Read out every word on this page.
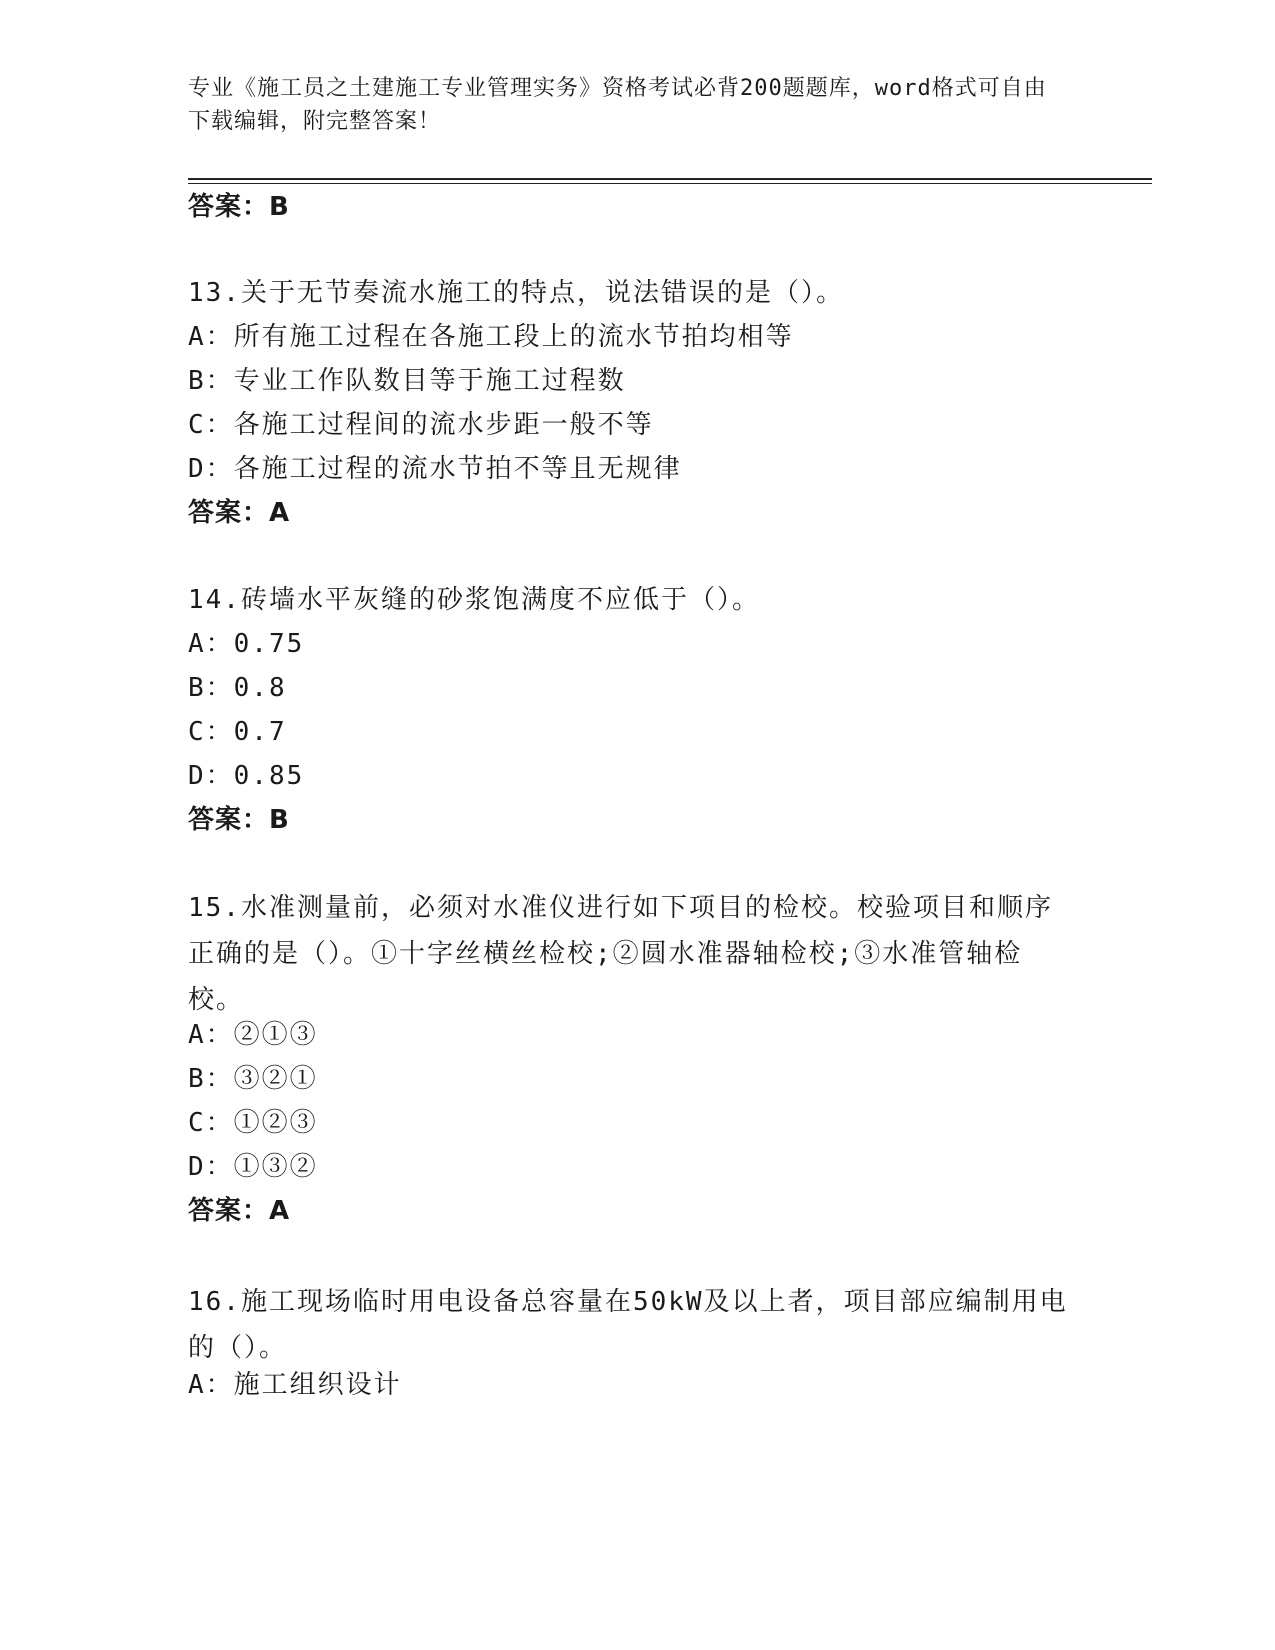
专业《施工员之土建施工专业管理实务》资格考试必背200题题库，word格式可自由下载编辑，附完整答案！
答案：B
13.关于无节奏流水施工的特点，说法错误的是（）。
A：所有施工过程在各施工段上的流水节拍均相等
B：专业工作队数目等于施工过程数
C：各施工过程间的流水步距一般不等
D：各施工过程的流水节拍不等且无规律
答案：A
14.砖墙水平灰缝的砂浆饱满度不应低于（）。
A：0.75
B：0.8
C：0.7
D：0.85
答案：B
15.水准测量前，必须对水准仪进行如下项目的检校。校验项目和顺序正确的是（）。①十字丝横丝检校;②圆水准器轴检校;③水准管轴检校。
A：②①③
B：③②①
C：①②③
D：①③②
答案：A
16.施工现场临时用电设备总容量在50kW及以上者，项目部应编制用电的（）。
A：施工组织设计
